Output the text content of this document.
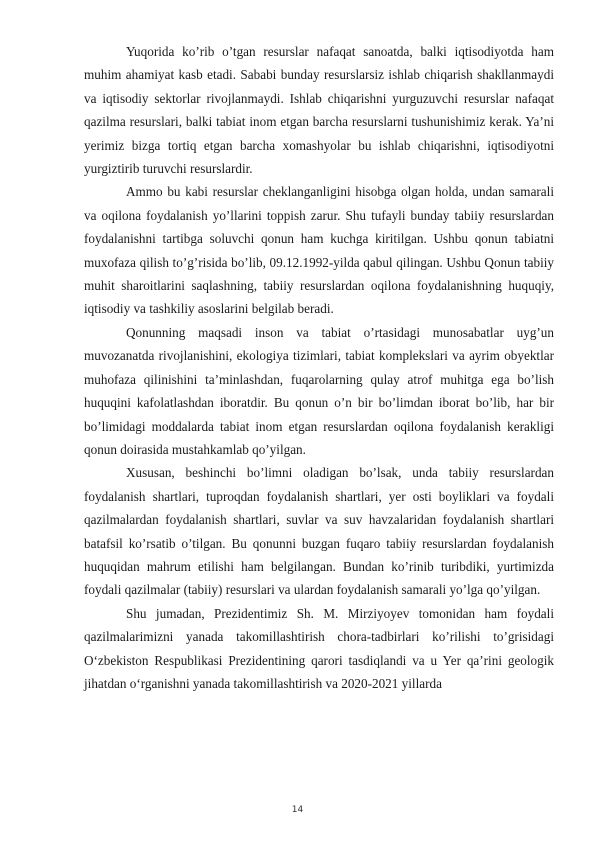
Yuqorida ko’rib o’tgan resurslar nafaqat sanoatda, balki iqtisodiyotda ham muhim ahamiyat kasb etadi. Sababi bunday resurslarsiz ishlab chiqarish shakllanmaydi va iqtisodiy sektorlar rivojlanmaydi. Ishlab chiqarishni yurguzuvchi resurslar nafaqat qazilma resurslari, balki tabiat inom etgan barcha resurslarni tushunishimiz kerak. Ya’ni yerimiz bizga tortiq etgan barcha xomashyolar bu ishlab chiqarishni, iqtisodiyotni yurgiztirib turuvchi resurslardir.

Ammo bu kabi resurslar cheklanganligini hisobga olgan holda, undan samarali va oqilona foydalanish yo’llarini toppish zarur. Shu tufayli bunday tabiiy resurslardan foydalanishni tartibga soluvchi qonun ham kuchga kiritilgan. Ushbu qonun tabiatni muxofaza qilish to’g’risida bo’lib, 09.12.1992-yilda qabul qilingan. Ushbu Qonun tabiiy muhit sharoitlarini saqlashning, tabiiy resurslardan oqilona foydalanishning huquqiy, iqtisodiy va tashkiliy asoslarini belgilab beradi.

Qonunning maqsadi inson va tabiat o’rtasidagi munosabatlar uyg’un muvozanatda rivojlanishini, ekologiya tizimlari, tabiat komplekslari va ayrim obyektlar muhofaza qilinishini ta’minlashdan, fuqarolarning qulay atrof muhitga ega bo’lish huquqini kafolatlashdan iboratdir. Bu qonun o’n bir bo’limdan iborat bo’lib, har bir bo’limidagi moddalarda tabiat inom etgan resurslardan oqilona foydalanish kerakligi qonun doirasida mustahkamlab qo’yilgan.

Xususan, beshinchi bo’limni oladigan bo’lsak, unda tabiiy resurslardan foydalanish shartlari, tuproqdan foydalanish shartlari, yer osti boyliklari va foydali qazilmalardan foydalanish shartlari, suvlar va suv havzalaridan foydalanish shartlari batafsil ko’rsatib o’tilgan. Bu qonunni buzgan fuqaro tabiiy resurslardan foydalanish huquqidan mahrum etilishi ham belgilangan. Bundan ko’rinib turibdiki, yurtimizda foydali qazilmalar (tabiiy) resurslari va ulardan foydalanish samarali yo’lga qo’yilgan.

Shu jumadan, Prezidentimiz Sh. M. Mirziyoyev tomonidan ham foydali qazilmalarimizni yanada takomillashtirish chora-tadbirlari ko’rilishi to’grisidagi O‘zbekiston Respublikasi Prezidentining qarori tasdiqlandi va u Yer qa’rini geologik jihatdan o‘rganishni yanada takomillashtirish va 2020-2021 yillarda

14
